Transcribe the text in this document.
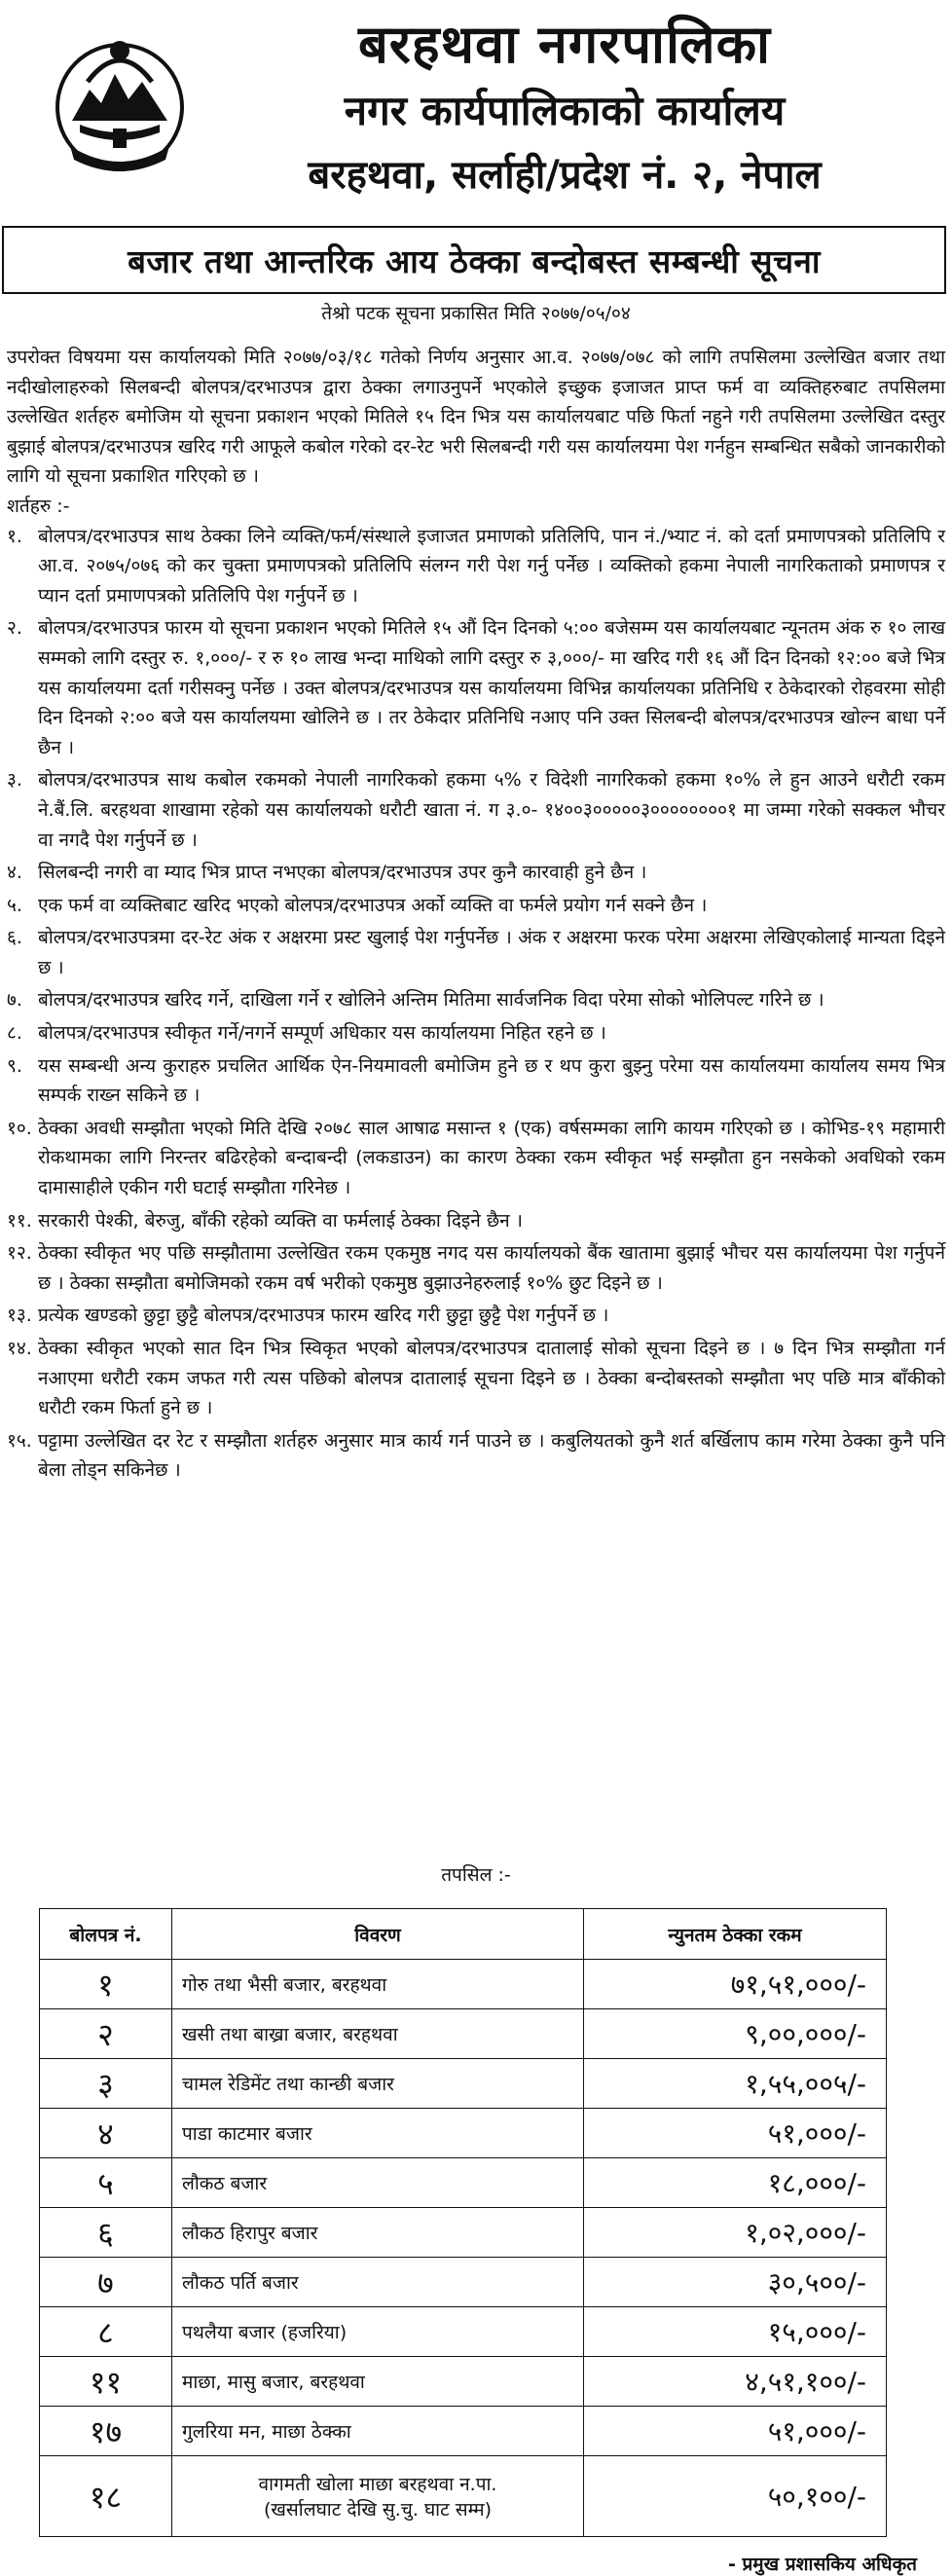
बरहथवा नगरपालिका
नगर कार्यपालिकाको कार्यालय
बरहथवा, सर्लाही/प्रदेश नं. २, नेपाल
बजार तथा आन्तरिक आय ठेक्का बन्दोबस्त सम्बन्धी सूचना
तेश्रो पटक सूचना प्रकासित मिति २०७७/०५/०४

उपरोक्त विषयमा यस कार्यालयको मिति २०७७/०३/१८ गतेको निर्णय अनुसार आ.व. २०७७/०७८ को लागि तपसिलमा उल्लेखित बजार तथा नदीखोलाहरुको सिलबन्दी बोलपत्र/दरभाउपत्र द्वारा ठेक्का लगाउनुपर्ने भएकोले इच्छुक इजाजत प्राप्त फर्म वा व्यक्तिहरुबाट तपसिलमा उल्लेखित शर्तहरु बमोजिम यो सूचना प्रकाशन भएको मितिले १५ दिन भित्र यस कार्यालयबाट पछि फिर्ता नहुने गरी तपसिलमा उल्लेखित दस्तुर बुझाई बोलपत्र/दरभाउपत्र खरिद गरी आफूले कबोल गरेको दर-रेट भरी सिलबन्दी गरी यस कार्यालयमा पेश गर्नहुन सम्बन्धित सबैको जानकारीको लागि यो सूचना प्रकाशित गरिएको छ ।

शर्तहरु :-

१. बोलपत्र/दरभाउपत्र साथ ठेक्का लिने व्यक्ति/फर्म/संस्थाले इजाजत प्रमाणको प्रतिलिपि, पान नं./भ्याट नं. को दर्ता प्रमाणपत्रको प्रतिलिपि र आ.व. २०७५/०७६ को कर चुक्ता प्रमाणपत्रको प्रतिलिपि संलग्न गरी पेश गर्नु पर्नेछ । व्यक्तिको हकमा नेपाली नागरिकताको प्रमाणपत्र र प्यान दर्ता प्रमाणपत्रको प्रतिलिपि पेश गर्नुपर्ने छ ।
२. बोलपत्र/दरभाउपत्र फारम यो सूचना प्रकाशन भएको मितिले १५ औं दिन दिनको ५:०० बजेसम्म यस कार्यालयबाट न्यूनतम अंक रु १० लाख सम्मको लागि दस्तुर रु. १,०००/- र रु १० लाख भन्दा माथिको लागि दस्तुर रु ३,०००/- मा खरिद गरी १६ औं दिन दिनको १२:०० बजे भित्र यस कार्यालयमा दर्ता गरीसक्नु पर्नेछ । उक्त बोलपत्र/दरभाउपत्र यस कार्यालयमा विभिन्न कार्यालयका प्रतिनिधि र ठेकेदारको रोहवरमा सोही दिन दिनको २:०० बजे यस कार्यालयमा खोलिने छ । तर ठेकेदार प्रतिनिधि नआए पनि उक्त सिलबन्दी बोलपत्र/दरभाउपत्र खोल्न बाधा पर्ने छैन ।
३. बोलपत्र/दरभाउपत्र साथ कबोल रकमको नेपाली नागरिकको हकमा ५% र विदेशी नागरिकको हकमा १०% ले हुन आउने धरौटी रकम ने.बैं.लि. बरहथवा शाखामा रहेको यस कार्यालयको धरौटी खाता नं. ग ३.०- १४००३०००००३००००००००१ मा जम्मा गरेको सक्कल भौचर वा नगदै पेश गर्नुपर्ने छ ।
४. सिलबन्दी नगरी वा म्याद भित्र प्राप्त नभएका बोलपत्र/दरभाउपत्र उपर कुनै कारवाही हुने छैन ।
५. एक फर्म वा व्यक्तिबाट खरिद भएको बोलपत्र/दरभाउपत्र अर्को व्यक्ति वा फर्मले प्रयोग गर्न सक्ने छैन ।
६. बोलपत्र/दरभाउपत्रमा दर-रेट अंक र अक्षरमा प्रस्ट खुलाई पेश गर्नुपर्नेछ । अंक र अक्षरमा फरक परेमा अक्षरमा लेखिएकोलाई मान्यता दिइने छ ।
७. बोलपत्र/दरभाउपत्र खरिद गर्ने, दाखिला गर्ने र खोलिने अन्तिम मितिमा सार्वजनिक विदा परेमा सोको भोलिपल्ट गरिने छ ।
८. बोलपत्र/दरभाउपत्र स्वीकृत गर्ने/नगर्ने सम्पूर्ण अधिकार यस कार्यालयमा निहित रहने छ ।
९. यस सम्बन्धी अन्य कुराहरु प्रचलित आर्थिक ऐन-नियमावली बमोजिम हुने छ र थप कुरा बुझ्नु परेमा यस कार्यालयमा कार्यालय समय भित्र सम्पर्क राख्न सकिने छ ।
१०. ठेक्का अवधी सम्झौता भएको मिति देखि २०७८ साल आषाढ मसान्त १ (एक) वर्षसम्मका लागि कायम गरिएको छ । कोभिड-१९ महामारी रोकथामका लागि निरन्तर बढिरहेको बन्दाबन्दी (लकडाउन) का कारण ठेक्का रकम स्वीकृत भई सम्झौता हुन नसकेको अवधिको रकम दामासाहीले एकीन गरी घटाई सम्झौता गरिनेछ ।
११. सरकारी पेश्की, बेरुजु, बाँकी रहेको व्यक्ति वा फर्मलाई ठेक्का दिइने छैन ।
१२. ठेक्का स्वीकृत भए पछि सम्झौतामा उल्लेखित रकम एकमुष्ठ नगद यस कार्यालयको बैंक खातामा बुझाई भौचर यस कार्यालयमा पेश गर्नुपर्ने छ । ठेक्का सम्झौता बमोजिमको रकम वर्ष भरीको एकमुष्ठ बुझाउनेहरुलाई १०% छुट दिइने छ ।
१३. प्रत्येक खण्डको छुट्टा छुट्टै बोलपत्र/दरभाउपत्र फारम खरिद गरी छुट्टा छुट्टै पेश गर्नुपर्ने छ ।
१४. ठेक्का स्वीकृत भएको सात दिन भित्र स्विकृत भएको बोलपत्र/दरभाउपत्र दातालाई सोको सूचना दिइने छ । ७ दिन भित्र सम्झौता गर्न नआएमा धरौटी रकम जफत गरी त्यस पछिको बोलपत्र दातालाई सूचना दिइने छ । ठेक्का बन्दोबस्तको सम्झौता भए पछि मात्र बाँकीको धरौटी रकम फिर्ता हुने छ ।
१५. पट्टामा उल्लेखित दर रेट र सम्झौता शर्तहरु अनुसार मात्र कार्य गर्न पाउने छ । कबुलियतको कुनै शर्त बर्खिलाप काम गरेमा ठेक्का कुनै पनि बेला तोड्न सकिनेछ ।
तपसिल :-
बोलपत्र नं.	विवरण	न्युनतम ठेक्का रकम
१	गोरु तथा भैसी बजार, बरहथवा	७१,५१,०००/-
२	खसी तथा बाख्रा बजार, बरहथवा	९,००,०००/-
३	चामल रेडिमेंट तथा कान्छी बजार	१,५५,००५/-
४	पाडा काटमार बजार	५१,०००/-
५	लौकठ बजार	१८,०००/-
६	लौकठ हिरापुर बजार	१,०२,०००/-
७	लौकठ पर्ति बजार	३०,५००/-
८	पथलैया बजार (हजरिया)	१५,०००/-
११	माछा, मासु बजार, बरहथवा	४,५१,१००/-
१७	गुलरिया मन, माछा ठेक्का	५१,०००/-
१८	वागमती खोला माछा बरहथवा न.पा.
(खर्सालघाट देखि सु.चु. घाट सम्म)	५०,१००/-
- प्रमुख प्रशासकिय अधिकृत
